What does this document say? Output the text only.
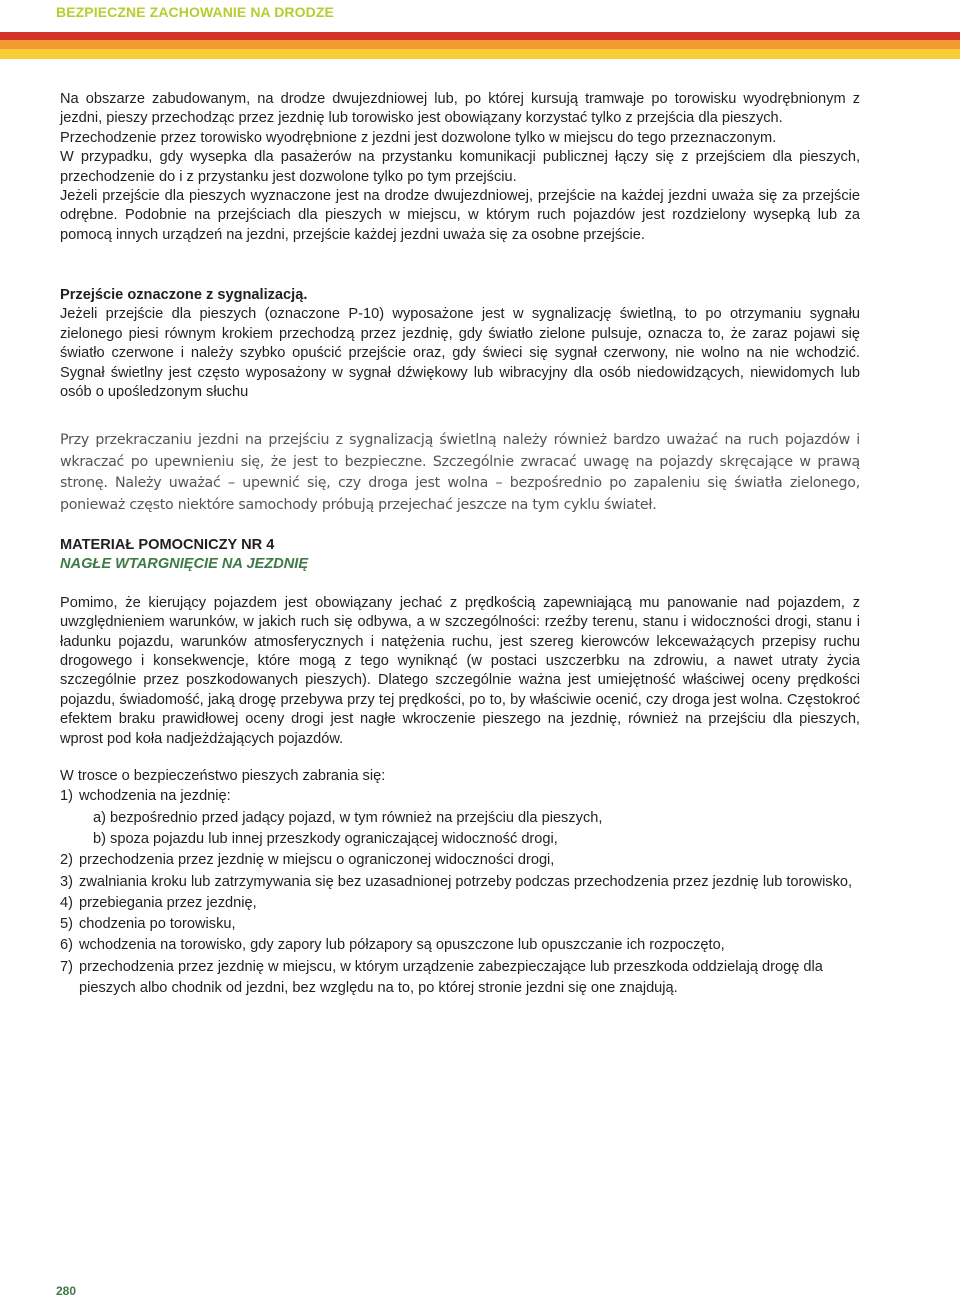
BEZPIECZNE ZACHOWANIE NA DRODZE

Na obszarze zabudowanym, na drodze dwujezdniowej lub, po której kursują tramwaje po torowisku wyodrębnionym z jezdni, pieszy przechodząc przez jezdnię lub torowisko jest obowiązany korzystać tylko z przejścia dla pieszych.

Przechodzenie przez torowisko wyodrębnione z jezdni jest dozwolone tylko w miejscu do tego przeznaczonym.

W przypadku, gdy wysepka dla pasażerów na przystanku komunikacji publicznej łączy się z przejściem dla pieszych, przechodzenie do i z przystanku jest dozwolone tylko po tym przejściu.

Jeżeli przejście dla pieszych wyznaczone jest na drodze dwujezdniowej, przejście na każdej jezdni uważa się za przejście odrębne. Podobnie na przejściach dla pieszych w miejscu, w którym ruch pojazdów jest rozdzielony wysepką lub za pomocą innych urządzeń na jezdni, przejście każdej jezdni uważa się za osobne przejście.

Przejście oznaczone z sygnalizacją.

Jeżeli przejście dla pieszych (oznaczone P-10) wyposażone jest w sygnalizację świetlną, to po otrzymaniu sygnału zielonego piesi równym krokiem przechodzą przez jezdnię, gdy światło zielone pulsuje, oznacza to, że zaraz pojawi się światło czerwone i należy szybko opuścić przejście oraz, gdy świeci się sygnał czerwony, nie wolno na nie wchodzić. Sygnał świetlny jest często wyposażony w sygnał dźwiękowy lub wibracyjny dla osób niedowidzących, niewidomych lub osób o upośledzonym słuchu

Przy przekraczaniu jezdni na przejściu z sygnalizacją świetlną należy również bardzo uważać na ruch pojazdów i wkraczać po upewnieniu się, że jest to bezpieczne. Szczególnie zwracać uwagę na pojazdy skręcające w prawą stronę. Należy uważać – upewnić się, czy droga jest wolna – bezpośrednio po zapaleniu się światła zielonego, ponieważ często niektóre samochody próbują przejechać jeszcze na tym cyklu świateł.

MATERIAŁ POMOCNICZY NR 4

NAGŁE WTARGNIĘCIE NA JEZDNIĘ

Pomimo, że kierujący pojazdem jest obowiązany jechać z prędkością zapewniającą mu panowanie nad pojazdem, z uwzględnieniem warunków, w jakich ruch się odbywa, a w szczególności: rzeźby terenu, stanu i widoczności drogi, stanu i ładunku pojazdu, warunków atmosferycznych i natężenia ruchu, jest szereg kierowców lekceważących przepisy ruchu drogowego i konsekwencje, które mogą z tego wyniknąć (w postaci uszczerbku na zdrowiu, a nawet utraty życia szczególnie przez poszkodowanych pieszych). Dlatego szczególnie ważna jest umiejętność właściwej oceny prędkości pojazdu, świadomość, jaką drogę przebywa przy tej prędkości, po to, by właściwie ocenić, czy droga jest wolna. Częstokroć efektem braku prawidłowej oceny drogi jest nagłe wkroczenie pieszego na jezdnię, również na przejściu dla pieszych, wprost pod koła nadjeżdżających pojazdów.

W trosce o bezpieczeństwo pieszych zabrania się:

1) wchodzenia na jezdnię:
a) bezpośrednio przed jadący pojazd, w tym również na przejściu dla pieszych,
b) spoza pojazdu lub innej przeszkody ograniczającej widoczność drogi,
2) przechodzenia przez jezdnię w miejscu o ograniczonej widoczności drogi,
3) zwalniania kroku lub zatrzymywania się bez uzasadnionej potrzeby podczas przechodzenia przez jezdnię lub torowisko,
4) przebiegania przez jezdnię,
5) chodzenia po torowisku,
6) wchodzenia na torowisko, gdy zapory lub półzapory są opuszczone lub opuszczanie ich rozpoczęto,
7) przechodzenia przez jezdnię w miejscu, w którym urządzenie zabezpieczające lub przeszkoda oddzielają drogę dla pieszych albo chodnik od jezdni, bez względu na to, po której stronie jezdni się one znajdują.
280
